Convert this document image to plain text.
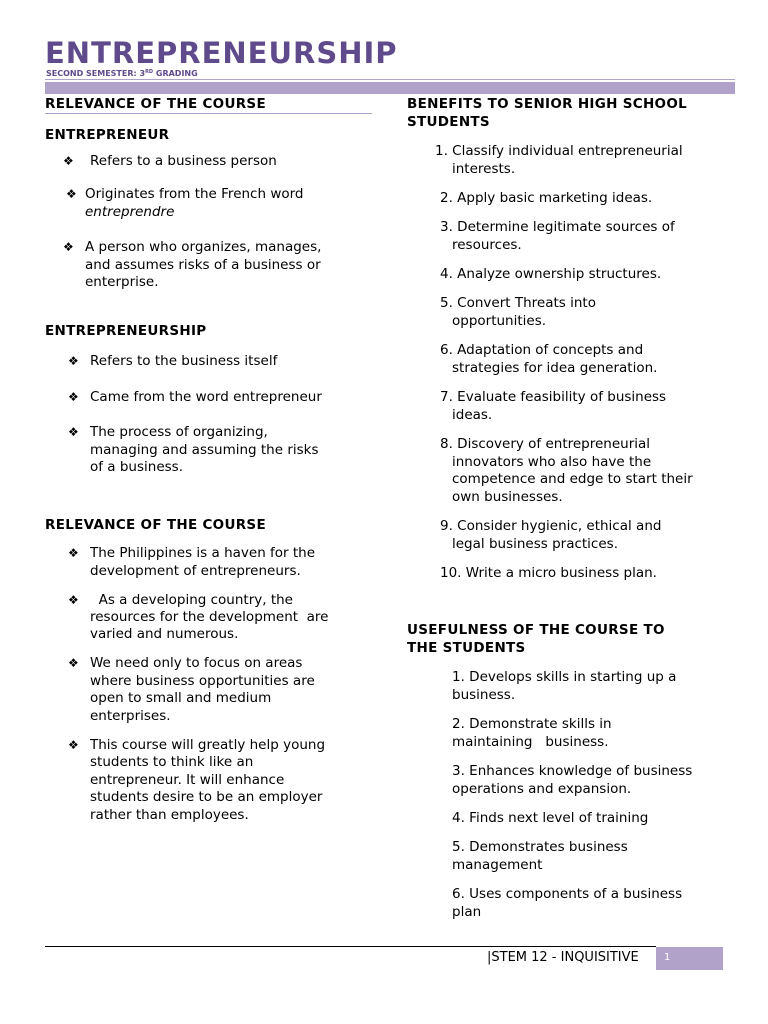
ENTREPRENEURSHIP
SECOND SEMESTER: 3RD GRADING
RELEVANCE OF THE COURSE
ENTREPRENEUR
❖ Refers to a business person
❖ Originates from the French word
entreprendre
❖ A person who organizes, manages,
and assumes risks of a business or
enterprise.
ENTREPRENEURSHIP
❖ Refers to the business itself
❖ Came from the word entrepreneur
❖ The process of organizing,
managing and assuming the risks
of a business.
RELEVANCE OF THE COURSE
❖ The Philippines is a haven for the
development of entrepreneurs.
❖ As a developing country, the
resources for the development  are
varied and numerous.
❖ We need only to focus on areas
where business opportunities are
open to small and medium
enterprises.
❖ This course will greatly help young
students to think like an
entrepreneur. It will enhance
students desire to be an employer
rather than employees.
BENEFITS TO SENIOR HIGH SCHOOL
STUDENTS
1. Classify individual entrepreneurial
interests.
2. Apply basic marketing ideas.
3. Determine legitimate sources of
resources.
4. Analyze ownership structures.
5. Convert Threats into
opportunities.
6. Adaptation of concepts and
strategies for idea generation.
7. Evaluate feasibility of business
ideas.
8. Discovery of entrepreneurial
innovators who also have the
competence and edge to start their
own businesses.
9. Consider hygienic, ethical and
legal business practices.
10. Write a micro business plan.
USEFULNESS OF THE COURSE TO
THE STUDENTS
1. Develops skills in starting up a
business.
2. Demonstrate skills in
maintaining   business.
3. Enhances knowledge of business
operations and expansion.
4. Finds next level of training
5. Demonstrates business
management
6. Uses components of a business
plan
|STEM 12 - INQUISITIVE	1
